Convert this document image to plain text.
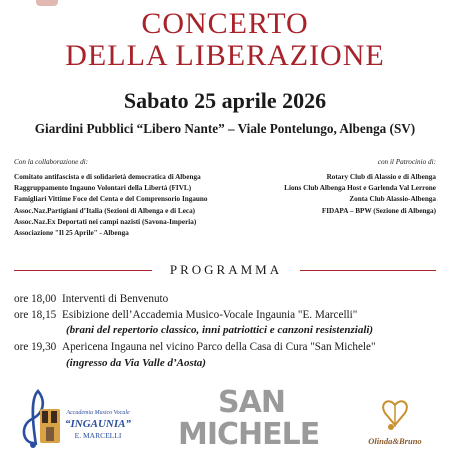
CONCERTO
DELLA LIBERAZIONE
Sabato 25 aprile 2026
Giardini Pubblici “Libero Nante” – Viale Pontelungo, Albenga (SV)
Con la collaborazione di:	con il Patrocinio di:
Comitato antifascista e di solidarietà democratica di Albenga
Raggruppamento Ingauno Volontari della Libertà (FIVL)
Famigliari Vittime Foce del Centa e del Comprensorio Ingauno
Assoc.Naz.Partigiani d’Italia (Sezioni di Albenga e di Leca)
Assoc.Naz.Ex Deportati nei campi nazisti (Savona-Imperia)
Associazione "Il 25 Aprile" - Albenga
Rotary Club di Alassio e di Albenga
Lions Club Albenga Host e Garlenda Val Lerrone
Zonta Club Alassio-Albenga
FIDAPA – BPW (Sezione di Albenga)
PROGRAMMA
ore 18,00 Interventi di Benvenuto
ore 18,15 Esibizione dell’Accademia Musico-Vocale Ingaunia "E. Marcelli"
(brani del repertorio classico, inni patriottici e canzoni resistenziali)
ore 19,30 Apericena Ingauna nel vicino Parco della Casa di Cura "San Michele"
(ingresso da Via Valle d’Aosta)
Accademia Musico Vocale
“INGAUNIA”
E. MARCELLI
SAN
MICHELE	Olinda&Bruno
